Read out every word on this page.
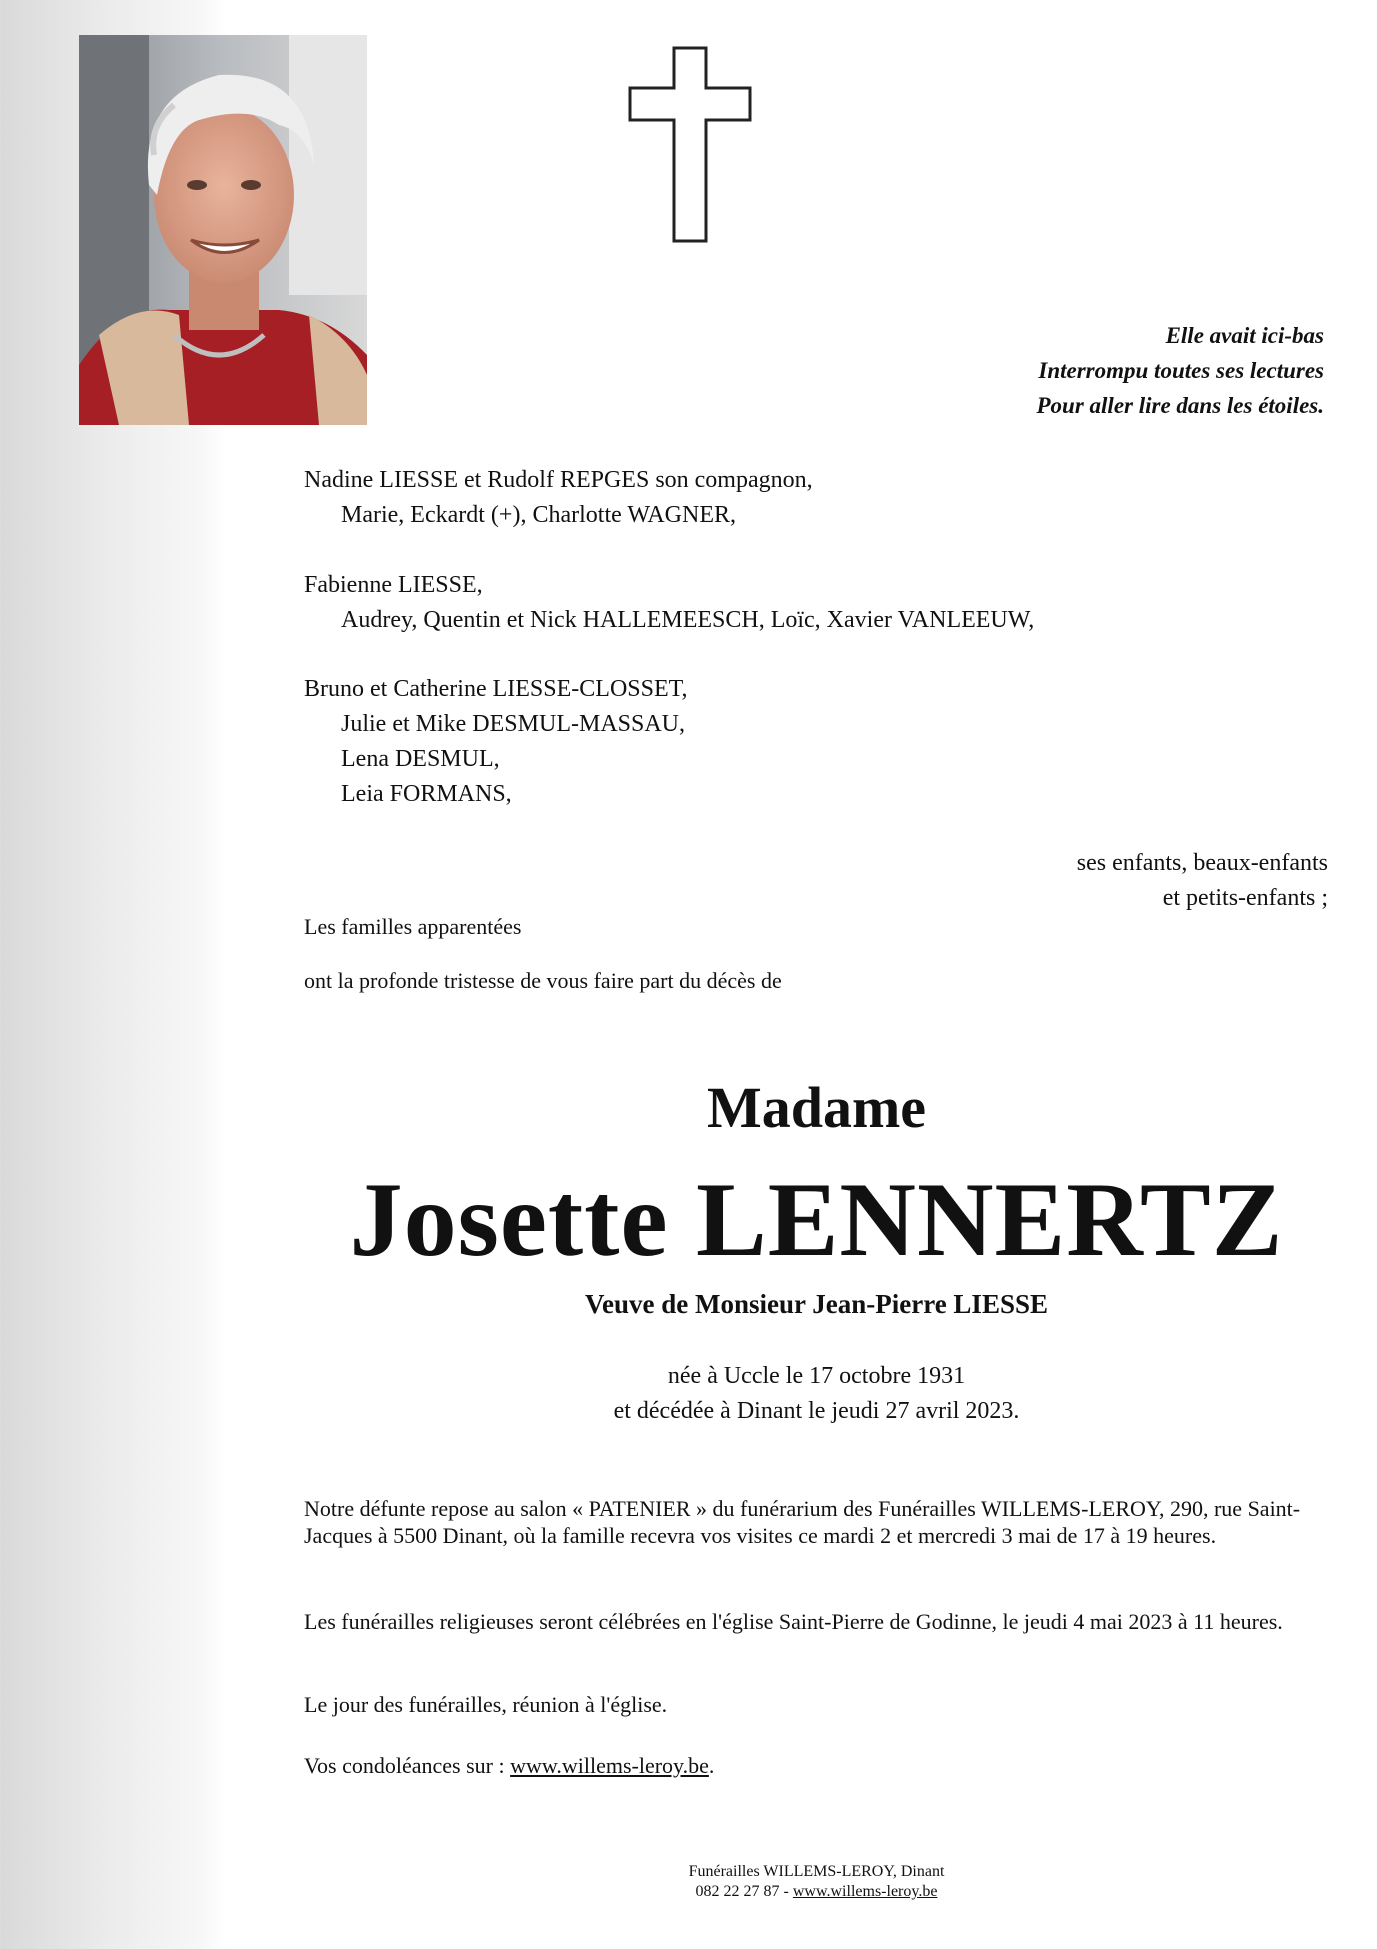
Elle avait ici-bas
Interrompu toutes ses lectures
Pour aller lire dans les étoiles.
Nadine LIESSE et Rudolf REPGES son compagnon,
Marie, Eckardt (+), Charlotte WAGNER,
Fabienne LIESSE,
Audrey, Quentin et Nick HALLEMEESCH, Loïc, Xavier VANLEEUW,
Bruno et Catherine LIESSE-CLOSSET,
Julie et Mike DESMUL-MASSAU,
Lena DESMUL,
Leia FORMANS,
ses enfants, beaux-enfants
et petits-enfants ;
Les familles apparentées
ont la profonde tristesse de vous faire part du décès de
Madame
Josette LENNERTZ
Veuve de Monsieur Jean-Pierre LIESSE
née à Uccle le 17 octobre 1931
et décédée à Dinant le jeudi 27 avril 2023.
Notre défunte repose au salon « PATENIER » du funérarium des Funérailles WILLEMS-LEROY, 290, rue Saint-Jacques à 5500 Dinant, où la famille recevra vos visites ce mardi 2 et mercredi 3 mai de 17 à 19 heures.
Les funérailles religieuses seront célébrées en l'église Saint-Pierre de Godinne, le jeudi 4 mai 2023 à 11 heures.
Le jour des funérailles, réunion à l'église.
Vos condoléances sur : www.willems-leroy.be.
Funérailles WILLEMS-LEROY, Dinant
082 22 27 87 - www.willems-leroy.be
